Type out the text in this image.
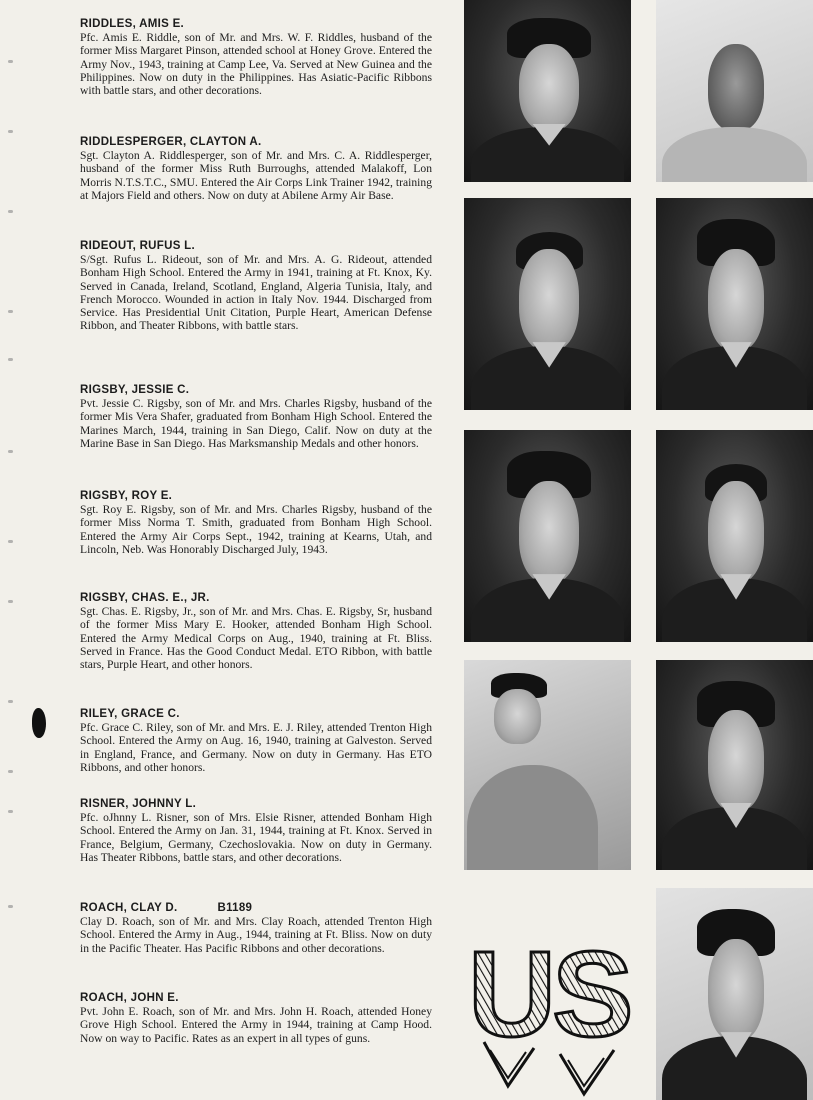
RIDDLES, AMIS E.

Pfc. Amis E. Riddle, son of Mr. and Mrs. W. F. Riddles, husband of the former Miss Margaret Pinson, attended school at Honey Grove. Entered the Army Nov., 1943, training at Camp Lee, Va. Served at New Guinea and the Philippines. Now on duty in the Philippines. Has Asiatic-Pacific Ribbons with battle stars, and other decorations.

RIDDLESPERGER, CLAYTON A.

Sgt. Clayton A. Riddlesperger, son of Mr. and Mrs. C. A. Riddlesperger, husband of the former Miss Ruth Burroughs, attended Malakoff, Lon Morris N.T.S.T.C., SMU. Entered the Air Corps Link Trainer 1942, training at Majors Field and others. Now on duty at Abilene Army Air Base.

RIDEOUT, RUFUS L.

S/Sgt. Rufus L. Rideout, son of Mr. and Mrs. A. G. Rideout, attended Bonham High School. Entered the Army in 1941, training at Ft. Knox, Ky. Served in Canada, Ireland, Scotland, England, Algeria Tunisia, Italy, and French Morocco. Wounded in action in Italy Nov. 1944. Discharged from Service. Has Presidential Unit Citation, Purple Heart, American Defense Ribbon, and Theater Ribbons, with battle stars.

RIGSBY, JESSIE C.

Pvt. Jessie C. Rigsby, son of Mr. and Mrs. Charles Rigsby, husband of the former Mis Vera Shafer, graduated from Bonham High School. Entered the Marines March, 1944, training in San Diego, Calif. Now on duty at the Marine Base in San Diego. Has Marksmanship Medals and other honors.

RIGSBY, ROY E.

Sgt. Roy E. Rigsby, son of Mr. and Mrs. Charles Rigsby, husband of the former Miss Norma T. Smith, graduated from Bonham High School. Entered the Army Air Corps Sept., 1942, training at Kearns, Utah, and Lincoln, Neb. Was Honorably Discharged July, 1943.

RIGSBY, CHAS. E., JR.

Sgt. Chas. E. Rigsby, Jr., son of Mr. and Mrs. Chas. E. Rigsby, Sr, husband of the former Miss Mary E. Hooker, attended Bonham High School. Entered the Army Medical Corps on Aug., 1940, training at Ft. Bliss. Served in France. Has the Good Conduct Medal. ETO Ribbon, with battle stars, Purple Heart, and other honors.

RILEY, GRACE C.

Pfc. Grace C. Riley, son of Mr. and Mrs. E. J. Riley, attended Trenton High School. Entered the Army on Aug. 16, 1940, training at Galveston. Served in England, France, and Germany. Now on duty in Germany. Has ETO Ribbons, and other honors.

RISNER, JOHNNY L.

Pfc. oJhnny L. Risner, son of Mrs. Elsie Risner, attended Bonham High School. Entered the Army on Jan. 31, 1944, training at Ft. Knox. Served in France, Belgium, Germany, Czechoslovakia. Now on duty in Germany. Has Theater Ribbons, battle stars, and other decorations.

ROACH, CLAY D.	B1189

Clay D. Roach, son of Mr. and Mrs. Clay Roach, attended Trenton High School. Entered the Army in Aug., 1944, training at Ft. Bliss. Now on duty in the Pacific Theater. Has Pacific Ribbons and other decorations.

ROACH, JOHN E.

Pvt. John E. Roach, son of Mr. and Mrs. John H. Roach, attended Honey Grove High School. Entered the Army in 1944, training at Camp Hood. Now on way to Pacific. Rates as an expert in all types of guns. US
